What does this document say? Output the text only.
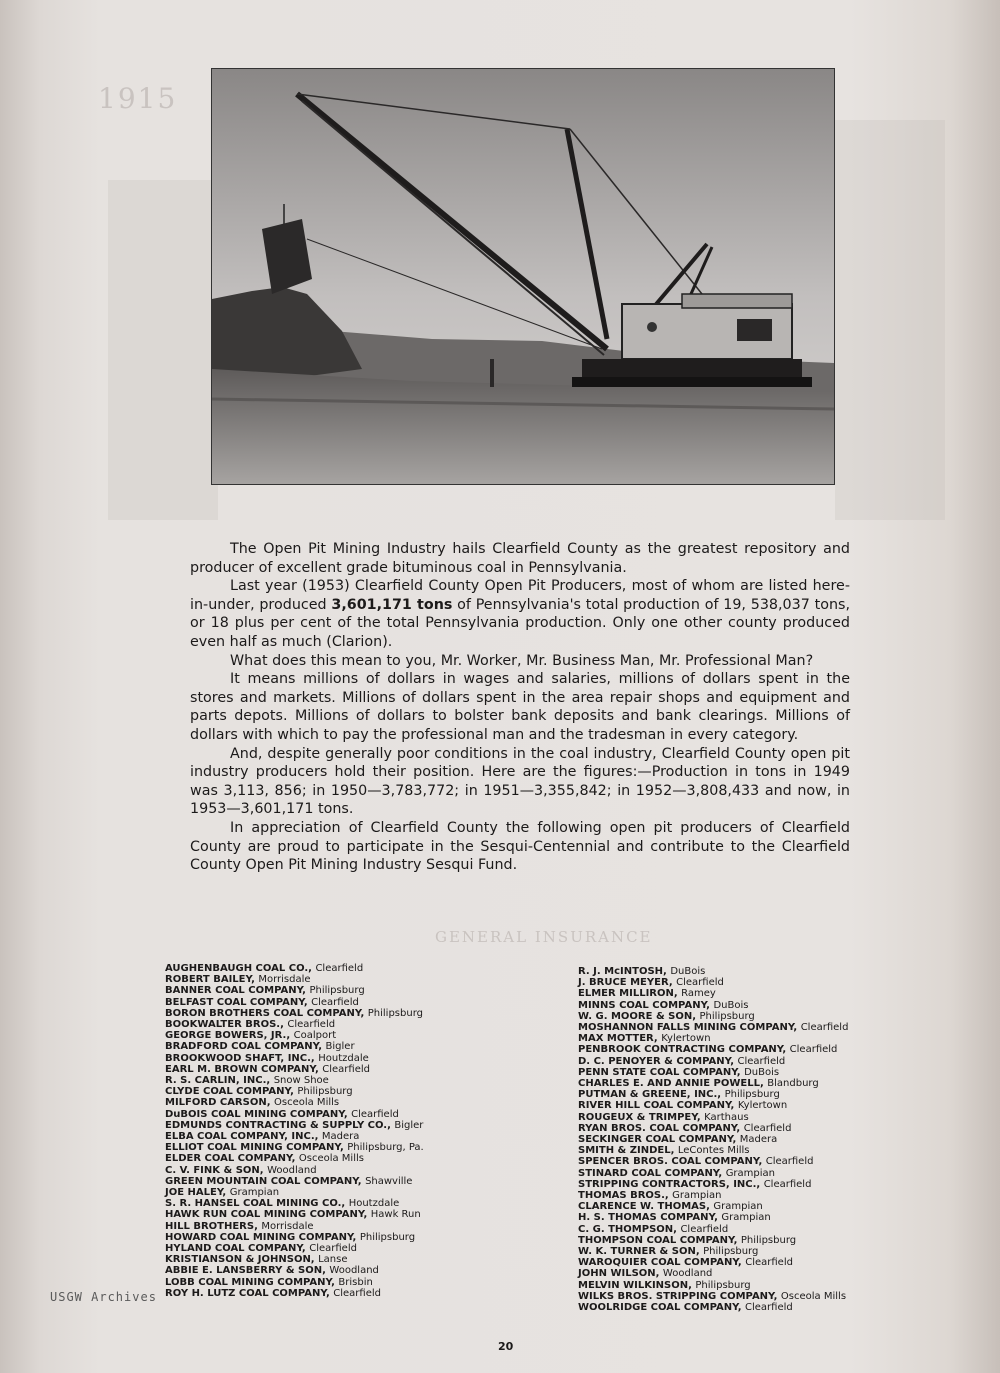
1915
GENERAL INSURANCE

The Open Pit Mining Industry hails Clearfield County as the greatest repository and producer of excellent grade bituminous coal in Pennsylvania.

Last year (1953) Clearfield County Open Pit Producers, most of whom are listed here-in-under, produced 3,601,171 tons of Pennsylvania's total production of 19, 538,037 tons, or 18 plus per cent of the total Pennsylvania production. Only one other county produced even half as much (Clarion).

What does this mean to you, Mr. Worker, Mr. Business Man, Mr. Professional Man?

It means millions of dollars in wages and salaries, millions of dollars spent in the stores and markets. Millions of dollars spent in the area repair shops and equipment and parts depots. Millions of dollars to bolster bank deposits and bank clearings. Millions of dollars with which to pay the professional man and the tradesman in every category.

And, despite generally poor conditions in the coal industry, Clearfield County open pit industry producers hold their position. Here are the figures:—Production in tons in 1949 was 3,113, 856; in 1950—3,783,772; in 1951—3,355,842; in 1952—3,808,433 and now, in 1953—3,601,171 tons.

In appreciation of Clearfield County the following open pit producers of Clearfield County are proud to participate in the Sesqui-Centennial and contribute to the Clearfield County Open Pit Mining Industry Sesqui Fund.

AUGHENBAUGH COAL CO., Clearfield
ROBERT BAILEY, Morrisdale
BANNER COAL COMPANY, Philipsburg
BELFAST COAL COMPANY, Clearfield
BORON BROTHERS COAL COMPANY, Philipsburg
BOOKWALTER BROS., Clearfield
GEORGE BOWERS, JR., Coalport
BRADFORD COAL COMPANY, Bigler
BROOKWOOD SHAFT, INC., Houtzdale
EARL M. BROWN COMPANY, Clearfield
R. S. CARLIN, INC., Snow Shoe
CLYDE COAL COMPANY, Philipsburg
MILFORD CARSON, Osceola Mills
DuBOIS COAL MINING COMPANY, Clearfield
EDMUNDS CONTRACTING & SUPPLY CO., Bigler
ELBA COAL COMPANY, INC., Madera
ELLIOT COAL MINING COMPANY, Philipsburg, Pa.
ELDER COAL COMPANY, Osceola Mills
C. V. FINK & SON, Woodland
GREEN MOUNTAIN COAL COMPANY, Shawville
JOE HALEY, Grampian
S. R. HANSEL COAL MINING CO., Houtzdale
HAWK RUN COAL MINING COMPANY, Hawk Run
HILL BROTHERS, Morrisdale
HOWARD COAL MINING COMPANY, Philipsburg
HYLAND COAL COMPANY, Clearfield
KRISTIANSON & JOHNSON, Lanse
ABBIE E. LANSBERRY & SON, Woodland
LOBB COAL MINING COMPANY, Brisbin
ROY H. LUTZ COAL COMPANY, Clearfield
R. J. McINTOSH, DuBois
J. BRUCE MEYER, Clearfield
ELMER MILLIRON, Ramey
MINNS COAL COMPANY, DuBois
W. G. MOORE & SON, Philipsburg
MOSHANNON FALLS MINING COMPANY, Clearfield
MAX MOTTER, Kylertown
PENBROOK CONTRACTING COMPANY, Clearfield
D. C. PENOYER & COMPANY, Clearfield
PENN STATE COAL COMPANY, DuBois
CHARLES E. AND ANNIE POWELL, Blandburg
PUTMAN & GREENE, INC., Philipsburg
RIVER HILL COAL COMPANY, Kylertown
ROUGEUX & TRIMPEY, Karthaus
RYAN BROS. COAL COMPANY, Clearfield
SECKINGER COAL COMPANY, Madera
SMITH & ZINDEL, LeContes Mills
SPENCER BROS. COAL COMPANY, Clearfield
STINARD COAL COMPANY, Grampian
STRIPPING CONTRACTORS, INC., Clearfield
THOMAS BROS., Grampian
CLARENCE W. THOMAS, Grampian
H. S. THOMAS COMPANY, Grampian
C. G. THOMPSON, Clearfield
THOMPSON COAL COMPANY, Philipsburg
W. K. TURNER & SON, Philipsburg
WAROQUIER COAL COMPANY, Clearfield
JOHN WILSON, Woodland
MELVIN WILKINSON, Philipsburg
WILKS BROS. STRIPPING COMPANY, Osceola Mills
WOOLRIDGE COAL COMPANY, Clearfield
USGW Archives
20
